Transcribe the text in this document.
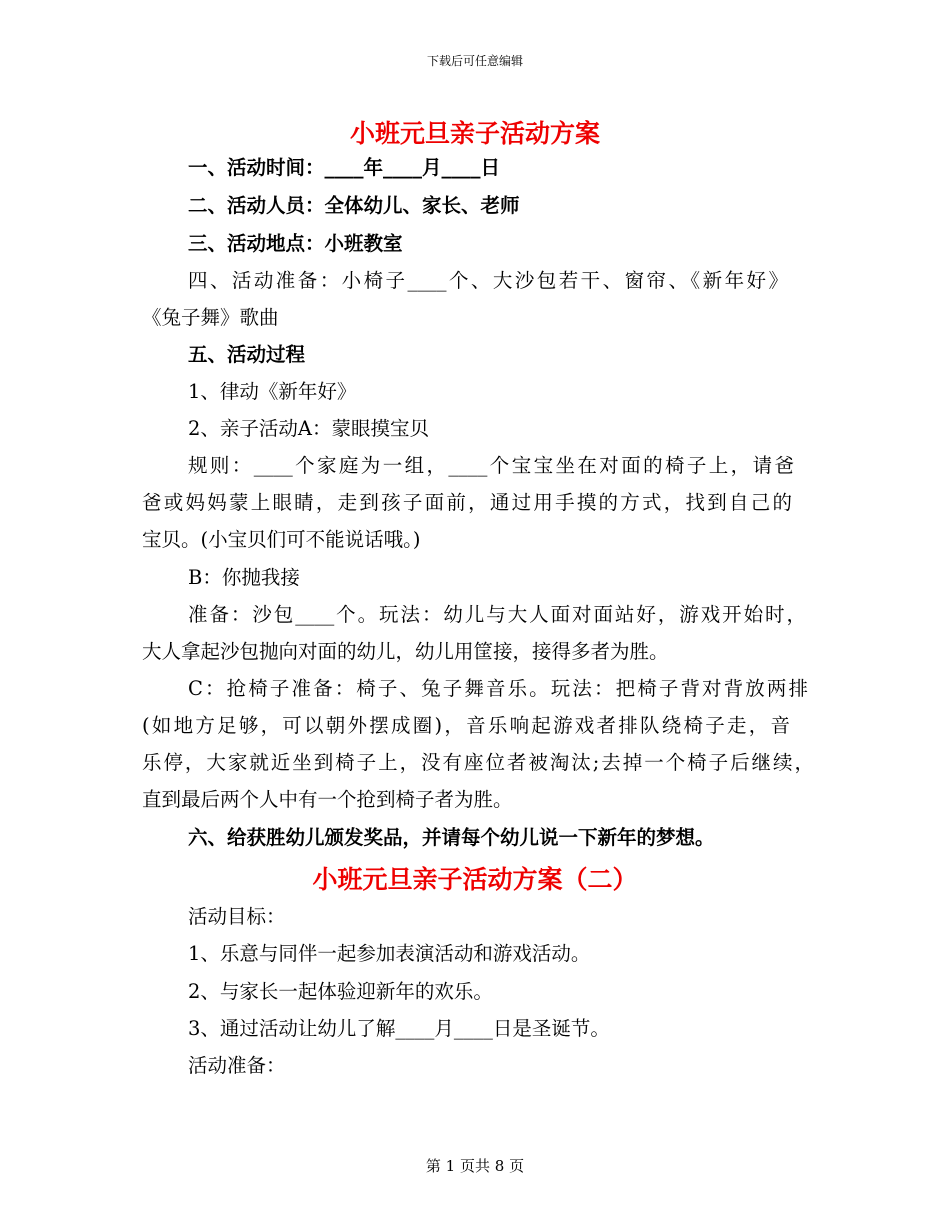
下载后可任意编辑
小班元旦亲子活动方案
一、活动时间：____年____月____日
二、活动人员：全体幼儿、家长、老师
三、活动地点：小班教室
四、活动准备：小椅子____个、大沙包若干、窗帘、《新年好》
《兔子舞》歌曲
五、活动过程
1、律动《新年好》
2、亲子活动A：蒙眼摸宝贝
规则：____个家庭为一组，____个宝宝坐在对面的椅子上，请爸
爸或妈妈蒙上眼睛，走到孩子面前，通过用手摸的方式，找到自己的
宝贝。(小宝贝们可不能说话哦。)
B：你抛我接
准备：沙包____个。玩法：幼儿与大人面对面站好，游戏开始时，
大人拿起沙包抛向对面的幼儿，幼儿用筐接，接得多者为胜。
C：抢椅子准备：椅子、兔子舞音乐。玩法：把椅子背对背放两排
(如地方足够，可以朝外摆成圈)，音乐响起游戏者排队绕椅子走，音
乐停，大家就近坐到椅子上，没有座位者被淘汰;去掉一个椅子后继续，
直到最后两个人中有一个抢到椅子者为胜。
六、给获胜幼儿颁发奖品，并请每个幼儿说一下新年的梦想。
小班元旦亲子活动方案（二）
活动目标：
1、乐意与同伴一起参加表演活动和游戏活动。
2、与家长一起体验迎新年的欢乐。
3、通过活动让幼儿了解____月____日是圣诞节。
活动准备：
第 1 页共 8 页
